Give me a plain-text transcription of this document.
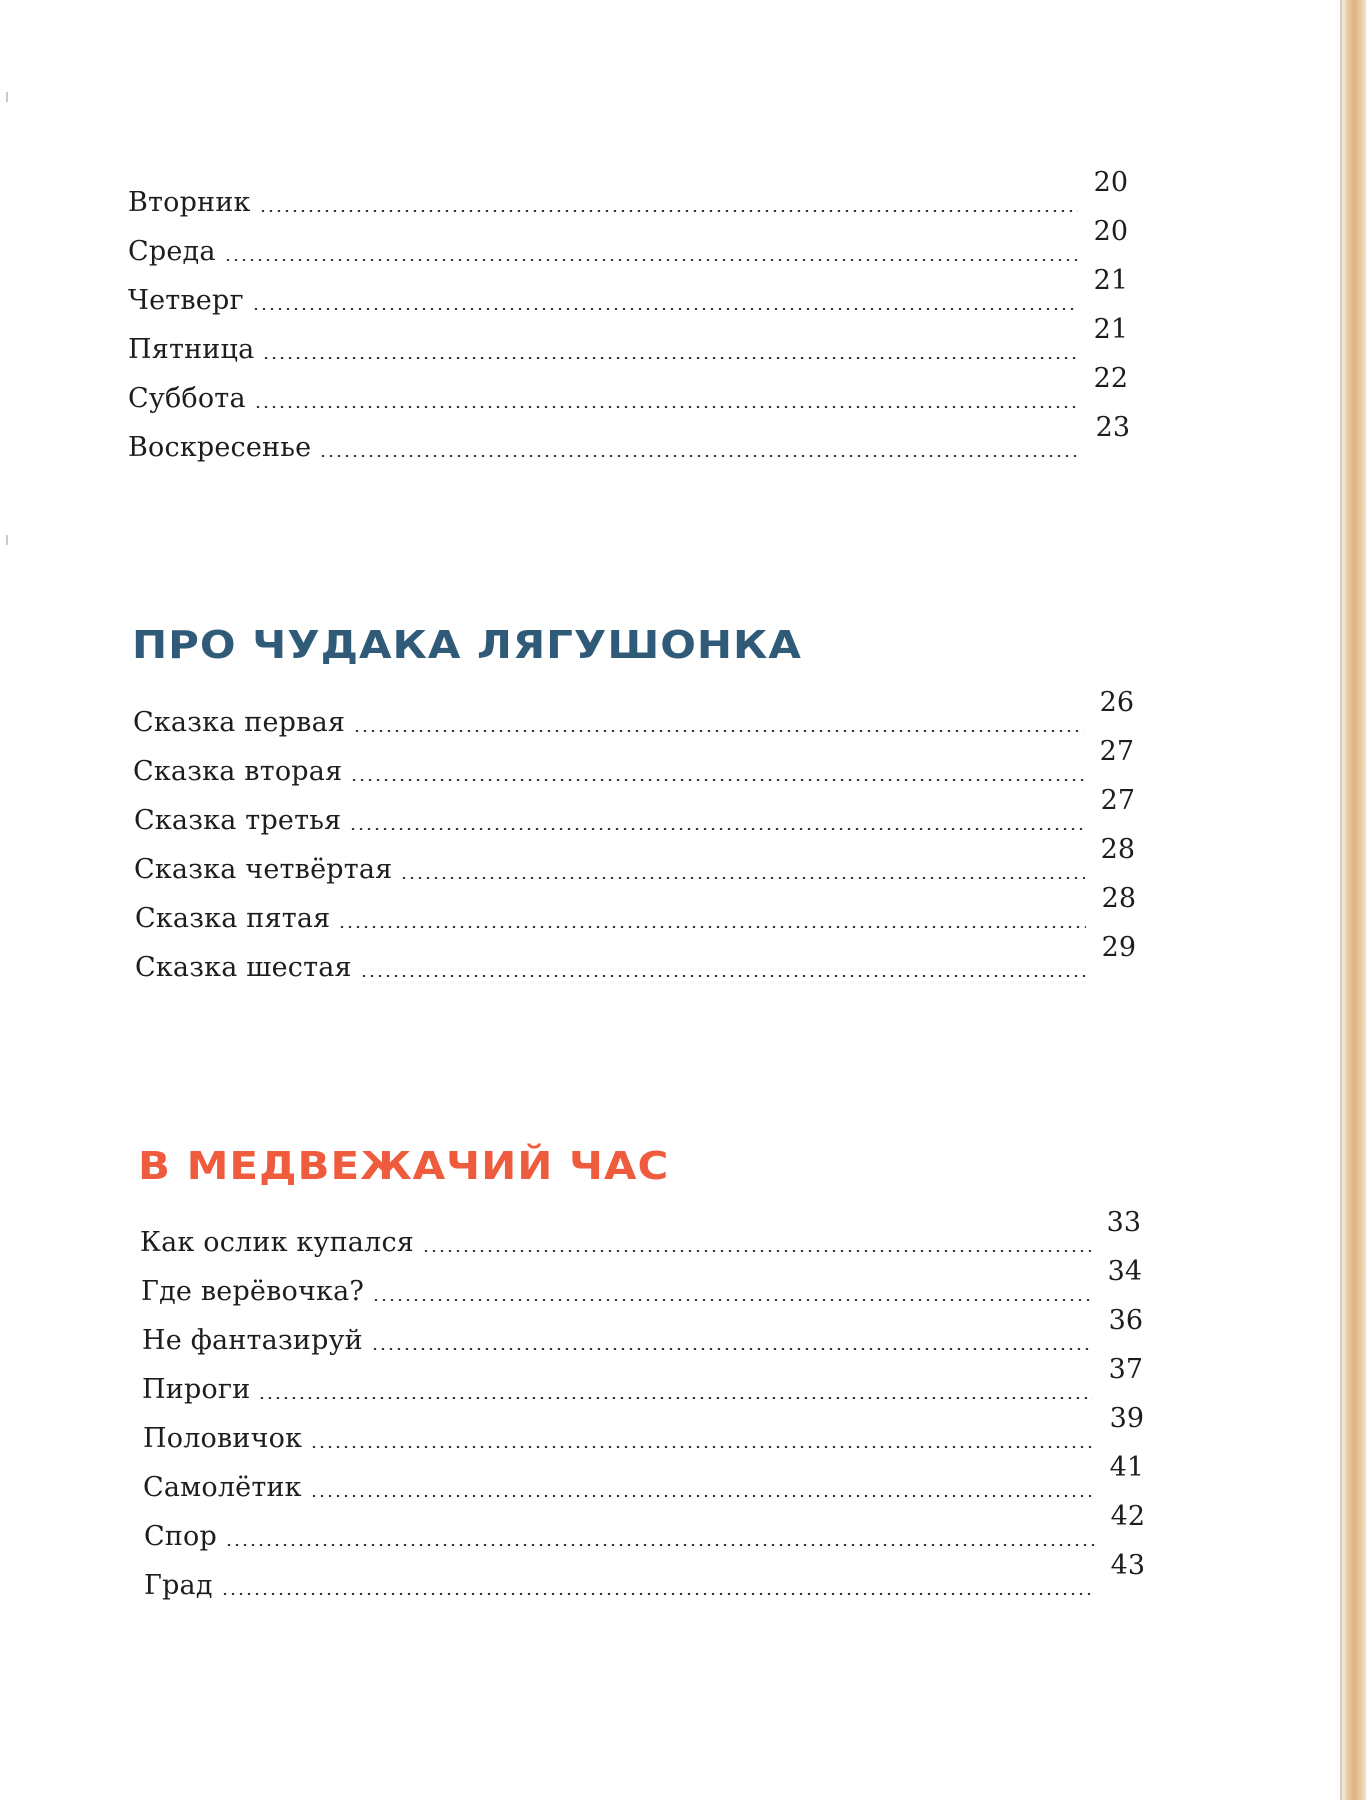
Вторник
20
Среда
20
Четверг
21
Пятница
21
Суббота
22
Воскресенье
23
ПРО ЧУДАКА ЛЯГУШОНКА
Сказка первая
26
Сказка вторая
27
Сказка третья
27
Сказка четвёртая
28
Сказка пятая
28
Сказка шестая
29
В МЕДВЕЖАЧИЙ ЧАС
Как ослик купался
33
Где верёвочка?
34
Не фантазируй
36
Пироги
37
Половичок
39
Самолётик
41
Спор
42
Град
43
